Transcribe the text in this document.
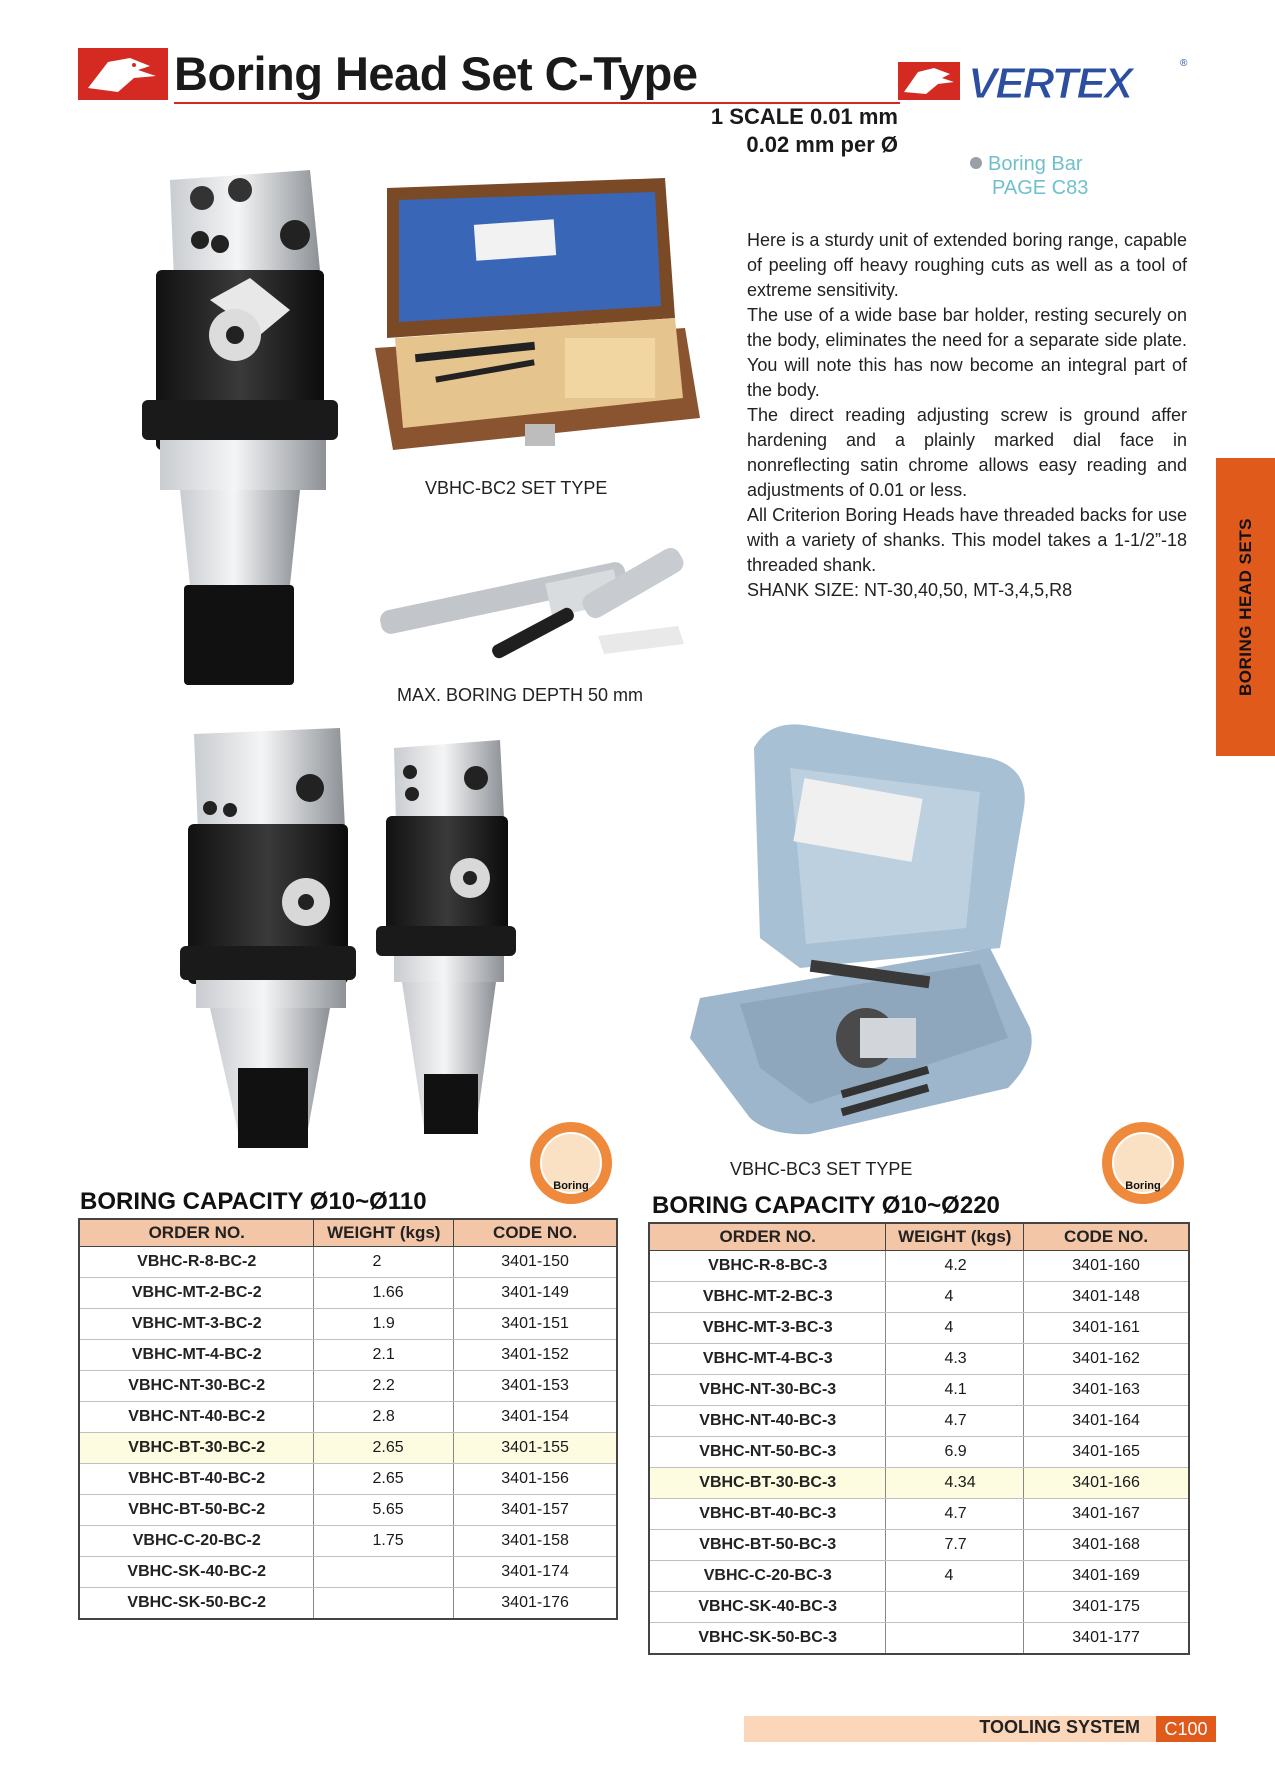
Boring Head Set C-Type	VERTEX	®
1 SCALE 0.01 mm
0.02 mm per Ø
Boring Bar
PAGE C83
VBHC-BC2 SET TYPE
MAX. BORING DEPTH 50 mm

Here is a sturdy unit of extended boring range, capable of peeling off heavy roughing cuts as well as a tool of extreme sensitivity.

The use of a wide base bar holder, resting securely on the body, eliminates the need for a separate side plate. You will note this has now become an integral part of the body.

The direct reading adjusting screw is ground affer hardening and a plainly marked dial face in nonreflecting satin chrome allows easy reading and adjustments of 0.01 or less.

All Criterion Boring Heads have threaded backs for use with a variety of shanks. This model takes a 1-1/2”-18 threaded shank.

SHANK SIZE: NT-30,40,50, MT-3,4,5,R8	BORING HEAD SETS
VBHC-BC3 SET TYPE
Boring	Boring
BORING CAPACITY Ø10~Ø110	BORING CAPACITY Ø10~Ø220
ORDER NO.	WEIGHT (kgs)	CODE NO.
VBHC-R-8-BC-2	2	3401-150
VBHC-MT-2-BC-2	1.66	3401-149
VBHC-MT-3-BC-2	1.9	3401-151
VBHC-MT-4-BC-2	2.1	3401-152
VBHC-NT-30-BC-2	2.2	3401-153
VBHC-NT-40-BC-2	2.8	3401-154
VBHC-BT-30-BC-2	2.65	3401-155
VBHC-BT-40-BC-2	2.65	3401-156
VBHC-BT-50-BC-2	5.65	3401-157
VBHC-C-20-BC-2	1.75	3401-158
VBHC-SK-40-BC-2		3401-174
VBHC-SK-50-BC-2		3401-176
ORDER NO.	WEIGHT (kgs)	CODE NO.
VBHC-R-8-BC-3	4.2	3401-160
VBHC-MT-2-BC-3	4	3401-148
VBHC-MT-3-BC-3	4	3401-161
VBHC-MT-4-BC-3	4.3	3401-162
VBHC-NT-30-BC-3	4.1	3401-163
VBHC-NT-40-BC-3	4.7	3401-164
VBHC-NT-50-BC-3	6.9	3401-165
VBHC-BT-30-BC-3	4.34	3401-166
VBHC-BT-40-BC-3	4.7	3401-167
VBHC-BT-50-BC-3	7.7	3401-168
VBHC-C-20-BC-3	4	3401-169
VBHC-SK-40-BC-3		3401-175
VBHC-SK-50-BC-3		3401-177
TOOLING SYSTEM	C100
